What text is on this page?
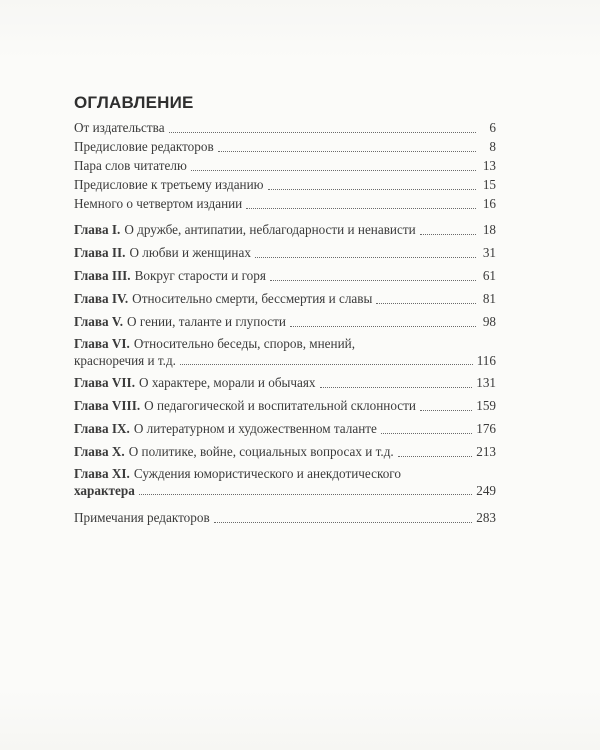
ОГЛАВЛЕНИЕ
От издательства	6
Предисловие редакторов	8
Пара слов читателю	13
Предисловие к третьему изданию	15
Немного о четвертом издании	16
Глава I. О дружбе, антипатии, неблагодарности и ненависти	18
Глава II. О любви и женщинах	31
Глава III. Вокруг старости и горя	61
Глава IV. Относительно смерти, бессмертия и славы	81
Глава V. О гении, таланте и глупости	98
Глава VI. Относительно беседы, споров, мнений,
красноречия и т.д.	116
Глава VII. О характере, морали и обычаях	131
Глава VIII. О педагогической и воспитательной склонности	159
Глава IX. О литературном и художественном таланте	176
Глава X. О политике, войне, социальных вопросах и т.д.	213
Глава XI. Суждения юмористического и анекдотического
характера	249
Примечания редакторов	283
